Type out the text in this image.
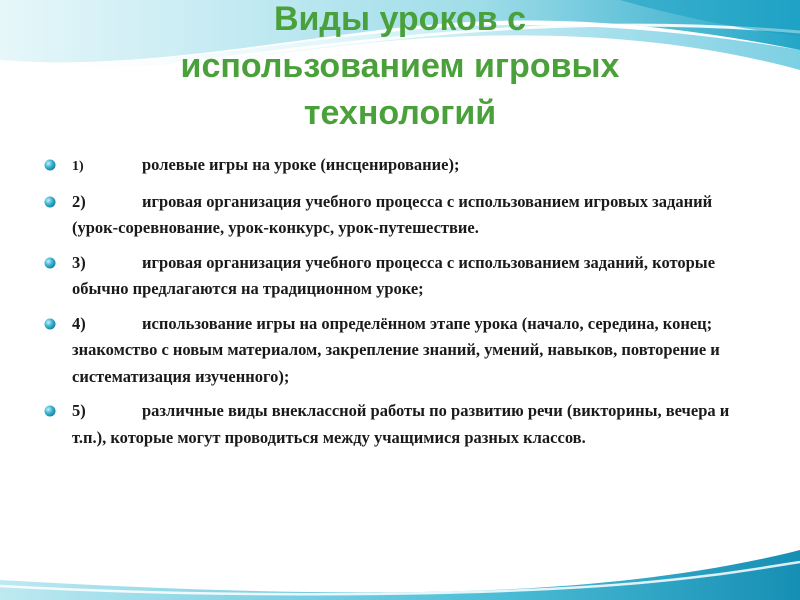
Виды уроков с
использованием игровых
технологий
1)	ролевые игры на уроке (инсценирование);
2)	игровая организация учебного процесса с использованием игровых заданий (урок-соревнование, урок-конкурс, урок-путешествие.
3)	игровая организация учебного процесса с использованием заданий, которые обычно предлагаются на традиционном уроке;
4)	использование игры на определённом этапе урока (начало, середина, конец; знакомство с новым материалом, закрепление знаний, умений, навыков, повторение и систематизация изученного);
5)	различные виды внеклассной работы по развитию речи (викторины, вечера и т.п.), которые могут проводиться между учащимися разных классов.
